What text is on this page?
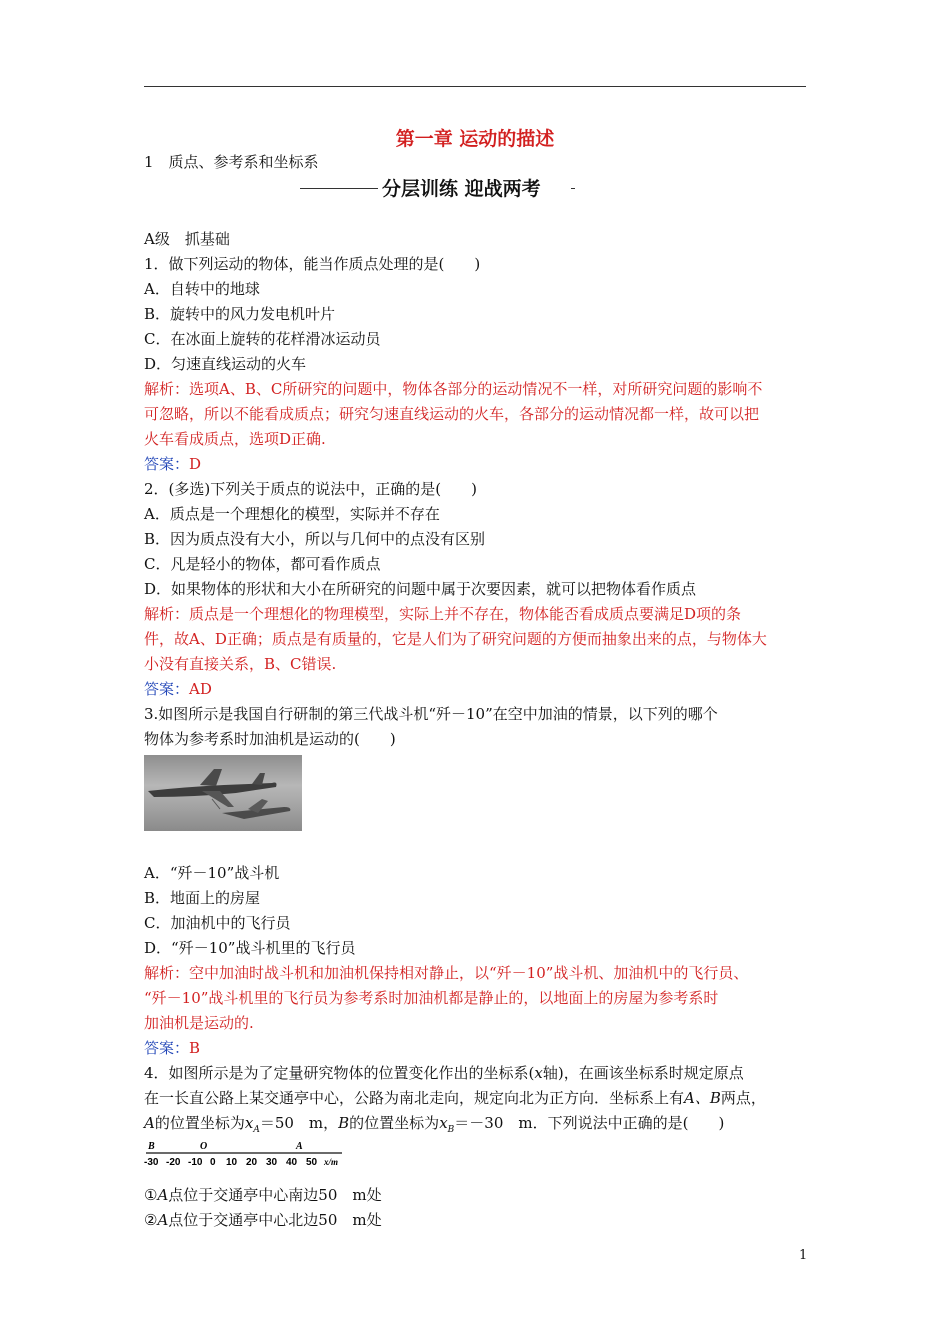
第一章 运动的描述
1　质点、参考系和坐标系
分层训练 迎战两考

A级　抓基础

1．做下列运动的物体，能当作质点处理的是(　　)

A．自转中的地球

B．旋转中的风力发电机叶片

C．在冰面上旋转的花样滑冰运动员

D．匀速直线运动的火车

解析：选项A、B、C所研究的问题中，物体各部分的运动情况不一样，对所研究问题的影响不

可忽略，所以不能看成质点；研究匀速直线运动的火车，各部分的运动情况都一样，故可以把

火车看成质点，选项D正确.

答案：D

2．(多选)下列关于质点的说法中，正确的是(　　)

A．质点是一个理想化的模型，实际并不存在

B．因为质点没有大小，所以与几何中的点没有区别

C．凡是轻小的物体，都可看作质点

D．如果物体的形状和大小在所研究的问题中属于次要因素，就可以把物体看作质点

解析：质点是一个理想化的物理模型，实际上并不存在，物体能否看成质点要满足D项的条

件，故A、D正确；质点是有质量的，它是人们为了研究问题的方便而抽象出来的点，与物体大

小没有直接关系，B、C错误.

答案：AD

3.如图所示是我国自行研制的第三代战斗机“歼－10”在空中加油的情景，以下列的哪个

物体为参考系时加油机是运动的(　　)

A．“歼－10”战斗机

B．地面上的房屋

C．加油机中的飞行员

D．“歼－10”战斗机里的飞行员

解析：空中加油时战斗机和加油机保持相对静止，以“歼－10”战斗机、加油机中的飞行员、

“歼－10”战斗机里的飞行员为参考系时加油机都是静止的，以地面上的房屋为参考系时

加油机是运动的.

答案：B

4．如图所示是为了定量研究物体的位置变化作出的坐标系(x轴)，在画该坐标系时规定原点

在一长直公路上某交通亭中心，公路为南北走向，规定向北为正方向．坐标系上有A、B两点，

A的位置坐标为$x_A=50$　m，B的位置坐标为$x_B=-30$　m．下列说法中正确的是(　　)

B	O	A
-30 -20 -10 0 10 20 30 40 50 x/m

①A点位于交通亭中心南边50　m处

②A点位于交通亭中心北边50　m处

1
